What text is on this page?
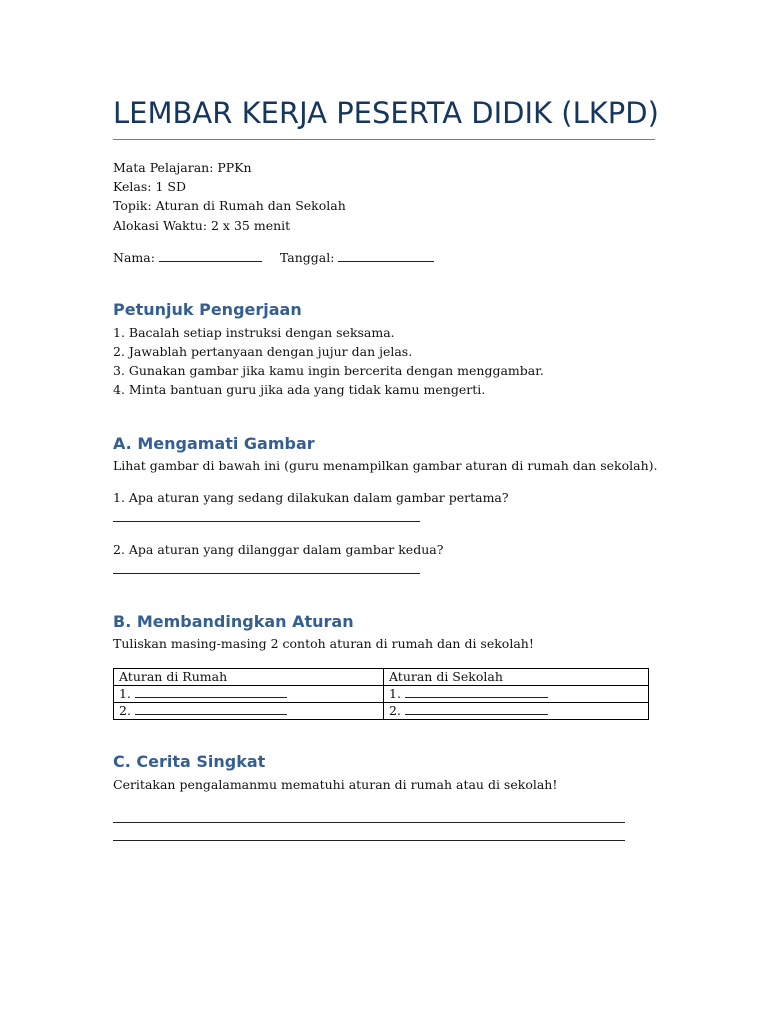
LEMBAR KERJA PESERTA DIDIK (LKPD)
Mata Pelajaran: PPKn
Kelas: 1 SD
Topik: Aturan di Rumah dan Sekolah
Alokasi Waktu: 2 x 35 menit
Nama:	Tanggal:
Petunjuk Pengerjaan
1. Bacalah setiap instruksi dengan seksama.
2. Jawablah pertanyaan dengan jujur dan jelas.
3. Gunakan gambar jika kamu ingin bercerita dengan menggambar.
4. Minta bantuan guru jika ada yang tidak kamu mengerti.
A. Mengamati Gambar
Lihat gambar di bawah ini (guru menampilkan gambar aturan di rumah dan sekolah).
1. Apa aturan yang sedang dilakukan dalam gambar pertama?
2. Apa aturan yang dilanggar dalam gambar kedua?
B. Membandingkan Aturan
Tuliskan masing-masing 2 contoh aturan di rumah dan di sekolah!
Aturan di Rumah	Aturan di Sekolah
1.	1.
2.	2.
C. Cerita Singkat
Ceritakan pengalamanmu mematuhi aturan di rumah atau di sekolah!
